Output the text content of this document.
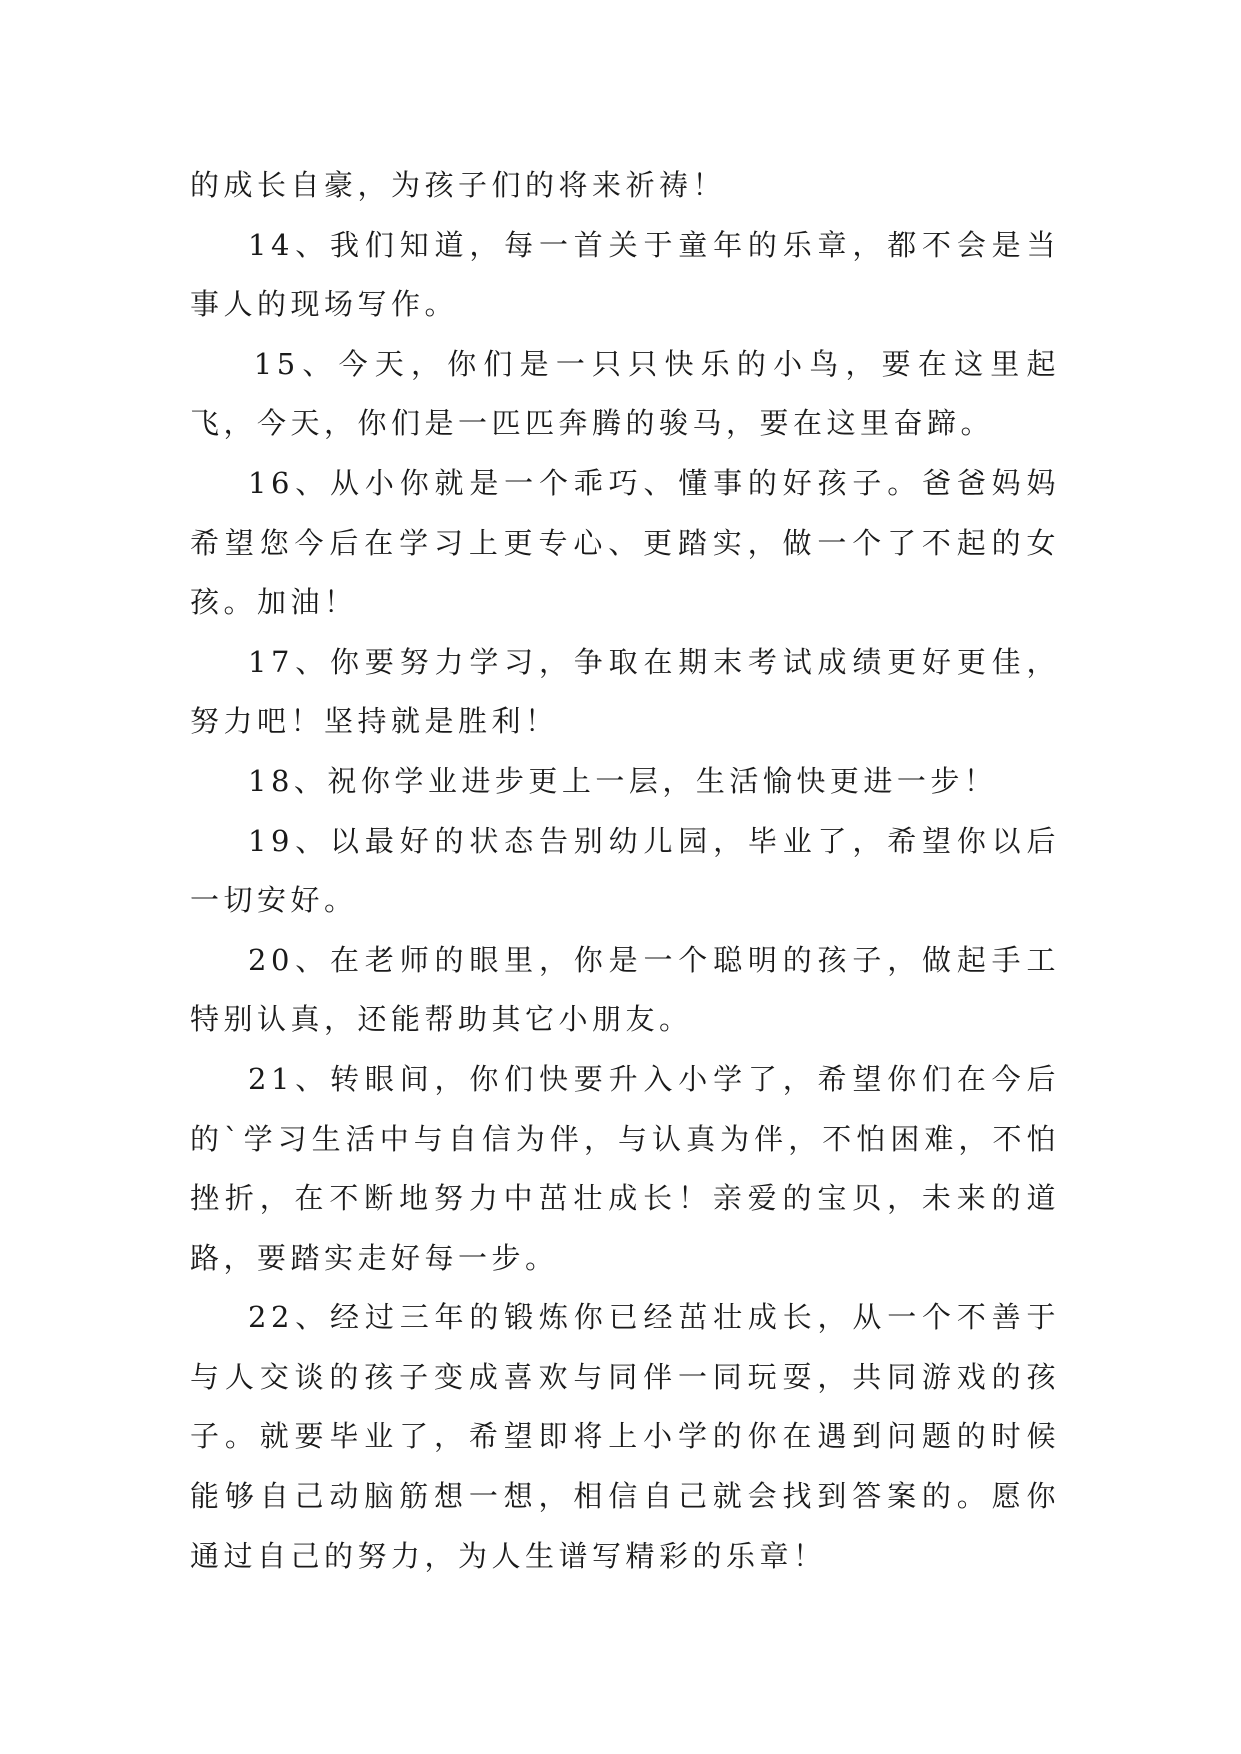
的成长自豪，为孩子们的将来祈祷！

14、我们知道，每一首关于童年的乐章，都不会是当事人的现场写作。

15、今天，你们是一只只快乐的小鸟，要在这里起飞，今天，你们是一匹匹奔腾的骏马，要在这里奋蹄。

16、从小你就是一个乖巧、懂事的好孩子。爸爸妈妈希望您今后在学习上更专心、更踏实，做一个了不起的女孩。加油！

17、你要努力学习，争取在期末考试成绩更好更佳，努力吧！坚持就是胜利！

18、祝你学业进步更上一层，生活愉快更进一步！

19、以最好的状态告别幼儿园，毕业了，希望你以后一切安好。

20、在老师的眼里，你是一个聪明的孩子，做起手工特别认真，还能帮助其它小朋友。

21、转眼间，你们快要升入小学了，希望你们在今后的`学习生活中与自信为伴，与认真为伴，不怕困难，不怕挫折，在不断地努力中茁壮成长！亲爱的宝贝，未来的道路，要踏实走好每一步。

22、经过三年的锻炼你已经茁壮成长，从一个不善于与人交谈的孩子变成喜欢与同伴一同玩耍，共同游戏的孩子。就要毕业了，希望即将上小学的你在遇到问题的时候能够自己动脑筋想一想，相信自己就会找到答案的。愿你通过自己的努力，为人生谱写精彩的乐章！
